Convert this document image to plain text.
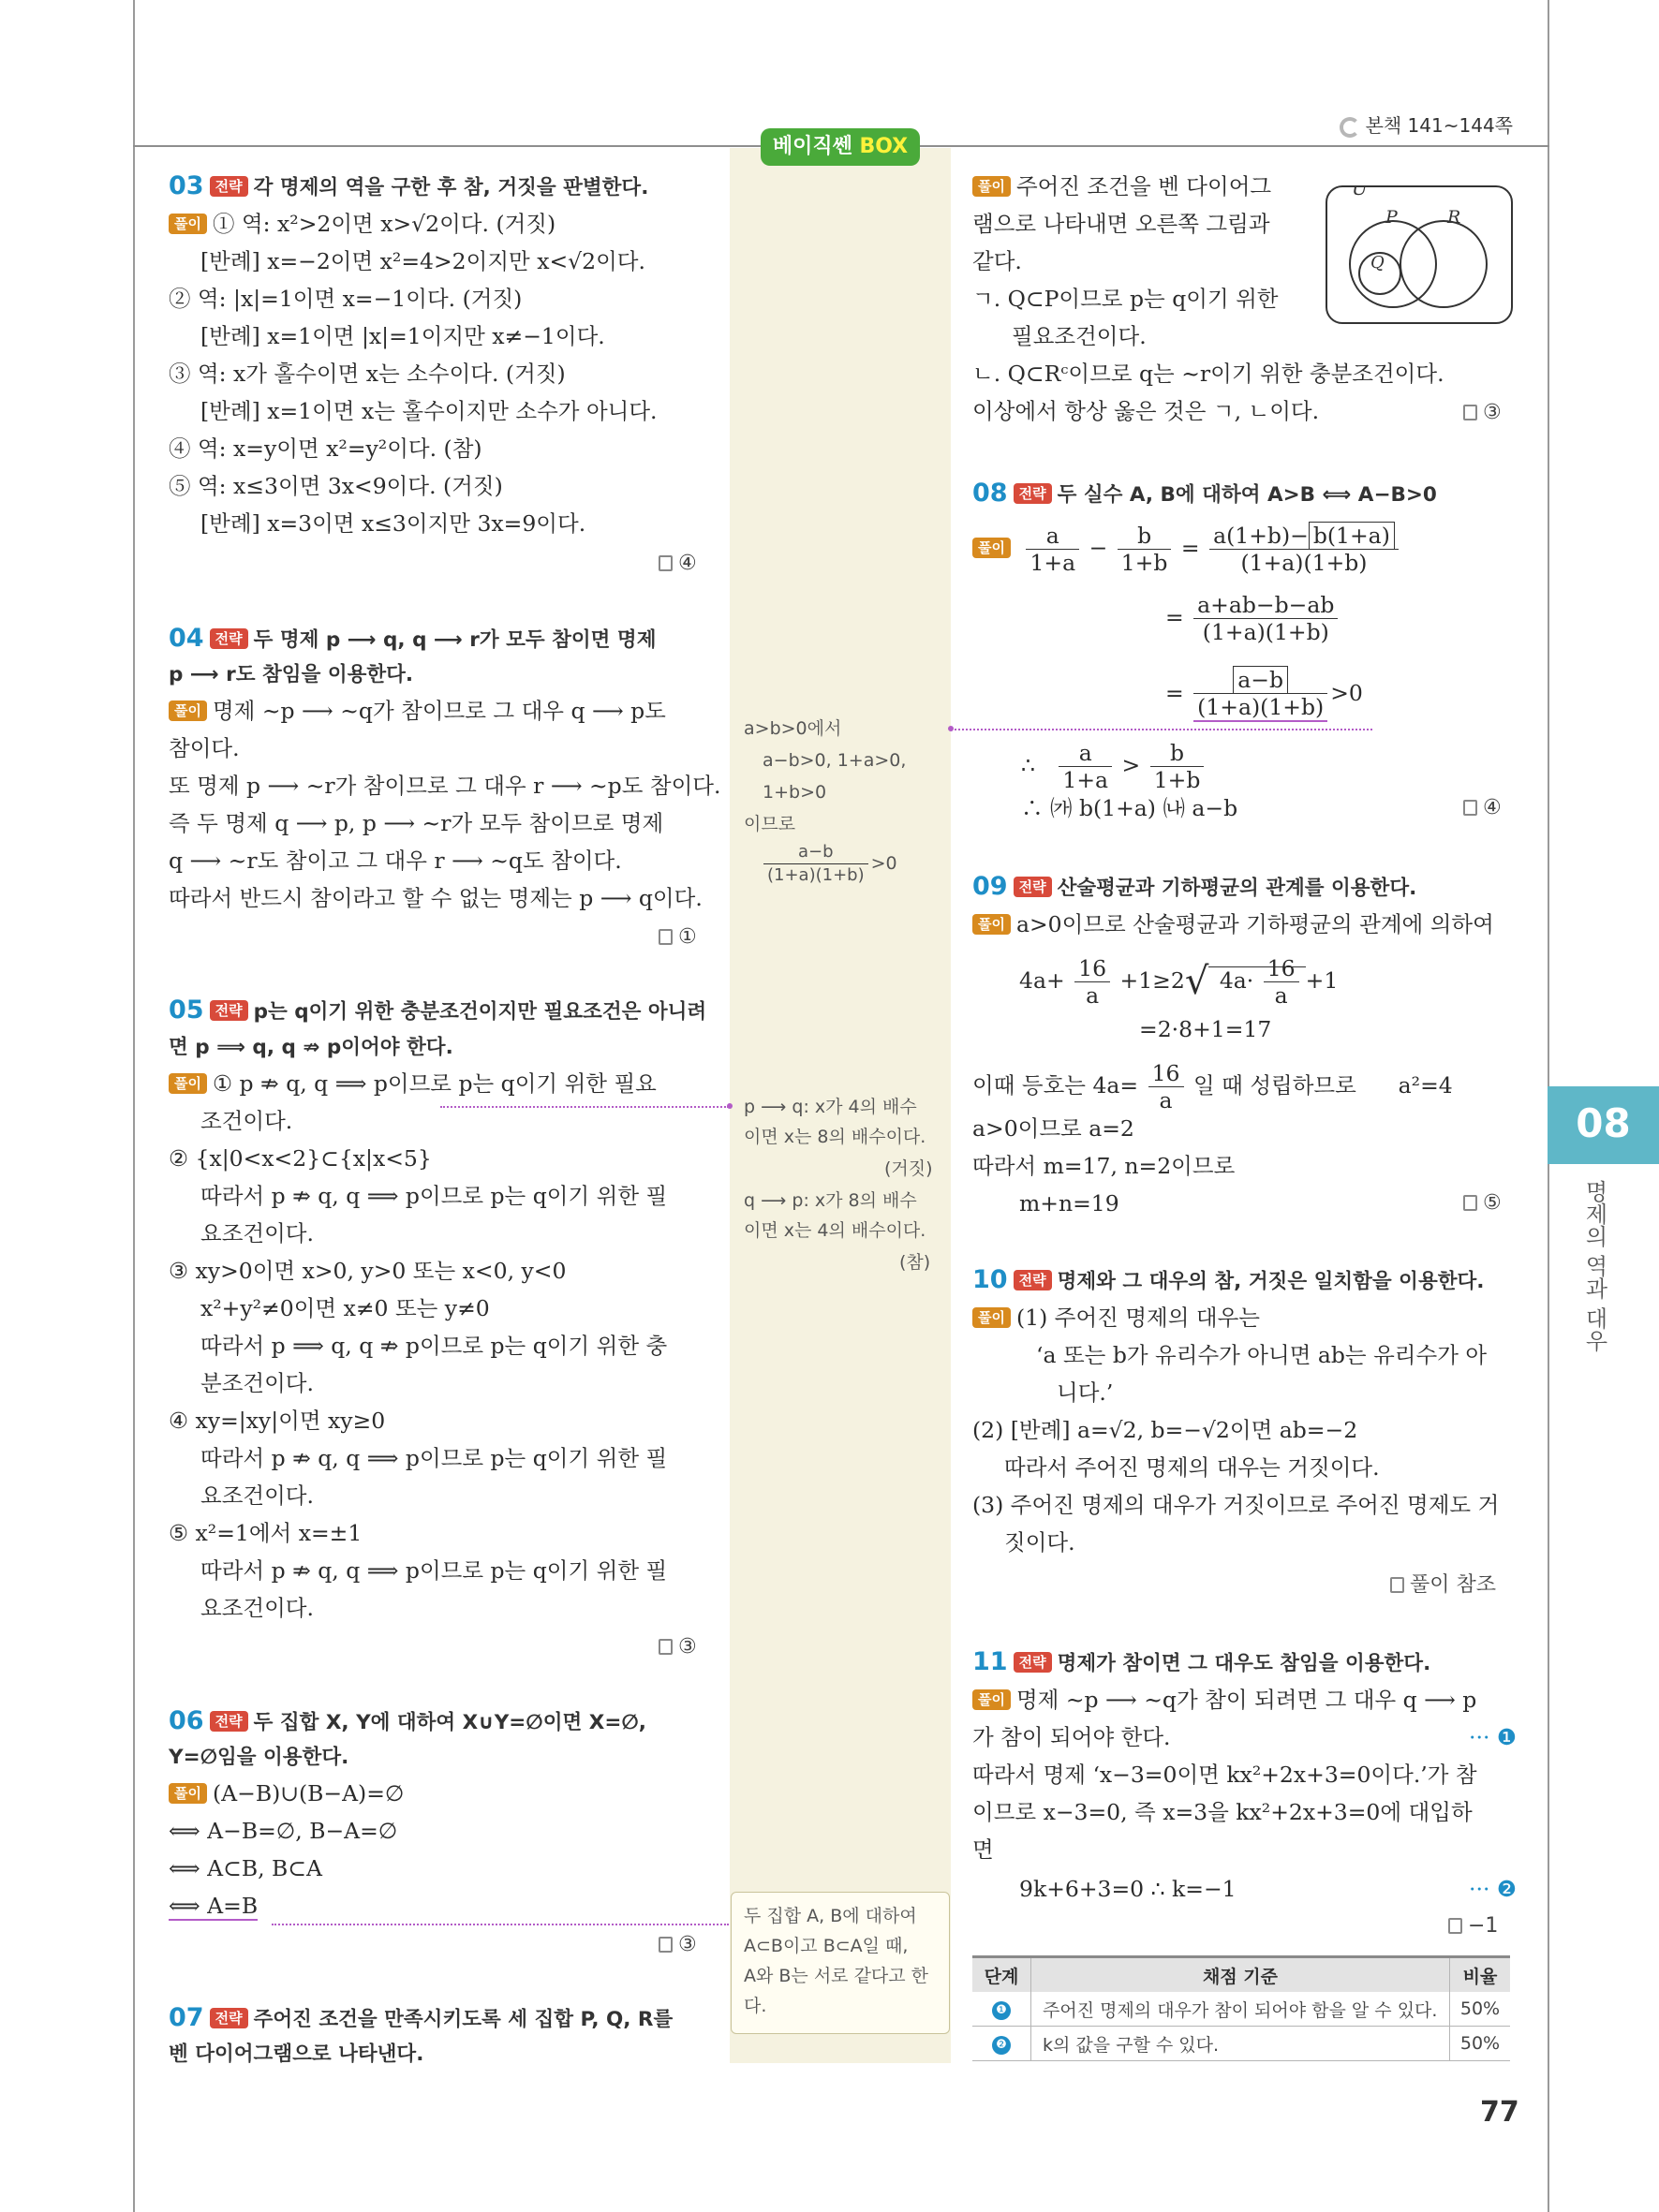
베이직쎈 BOX
본책 141~144쪽
03 전략 각 명제의 역을 구한 후 참, 거짓을 판별한다.
풀이 ① 역: x²>2이면 x>√2이다. (거짓)
[반례] x=−2이면 x²=4>2이지만 x<√2이다.
② 역: |x|=1이면 x=−1이다. (거짓)
[반례] x=1이면 |x|=1이지만 x≠−1이다.
③ 역: x가 홀수이면 x는 소수이다. (거짓)
[반례] x=1이면 x는 홀수이지만 소수가 아니다.
④ 역: x=y이면 x²=y²이다. (참)
⑤ 역: x≤3이면 3x<9이다. (거짓)
[반례] x=3이면 x≤3이지만 3x=9이다.
④
04 전략 두 명제 p ⟶ q, q ⟶ r가 모두 참이면 명제
p ⟶ r도 참임을 이용한다.
풀이 명제 ~p ⟶ ~q가 참이므로 그 대우 q ⟶ p도
참이다.
또 명제 p ⟶ ~r가 참이므로 그 대우 r ⟶ ~p도 참이다.
즉 두 명제 q ⟶ p, p ⟶ ~r가 모두 참이므로 명제
q ⟶ ~r도 참이고 그 대우 r ⟶ ~q도 참이다.
따라서 반드시 참이라고 할 수 없는 명제는 p ⟶ q이다.
①
05 전략 p는 q이기 위한 충분조건이지만 필요조건은 아니려
면 p ⟹ q, q ⇏ p이어야 한다.
풀이 ① p ⇏ q, q ⟹ p이므로 p는 q이기 위한 필요
조건이다.
② {x|0<x<2}⊂{x|x<5}
따라서 p ⇏ q, q ⟹ p이므로 p는 q이기 위한 필
요조건이다.
③ xy>0이면 x>0, y>0 또는 x<0, y<0
x²+y²≠0이면 x≠0 또는 y≠0
따라서 p ⟹ q, q ⇏ p이므로 p는 q이기 위한 충
분조건이다.
④ xy=|xy|이면 xy≥0
따라서 p ⇏ q, q ⟹ p이므로 p는 q이기 위한 필
요조건이다.
⑤ x²=1에서 x=±1
따라서 p ⇏ q, q ⟹ p이므로 p는 q이기 위한 필
요조건이다.
③
06 전략 두 집합 X, Y에 대하여 X∪Y=∅이면 X=∅,
Y=∅임을 이용한다.
풀이 (A−B)∪(B−A)=∅
⟺ A−B=∅, B−A=∅
⟺ A⊂B, B⊂A
⟺ A=B
③
07 전략 주어진 조건을 만족시키도록 세 집합 P, Q, R를
벤 다이어그램으로 나타낸다.
풀이 주어진 조건을 벤 다이어그
램으로 나타내면 오른쪽 그림과
같다.
ㄱ. Q⊂P이므로 p는 q이기 위한
필요조건이다.
ㄴ. Q⊂Rᶜ이므로 q는 ~r이기 위한 충분조건이다.
이상에서 항상 옳은 것은 ㄱ, ㄴ이다.	③
U
P	R
Q
08 전략 두 실수 A, B에 대하여 A>B ⟺ A−B>0
풀이 $\frac{a}{1+a} - \frac{b}{1+b} = \frac{a(1+b)- b(1+a)}{(1+a)(1+b)}$
= $\frac{a+ab-b-ab}{(1+a)(1+b)}$
= $\frac{a-b}{(1+a)(1+b)} >0$
∴ $\frac{a}{1+a} > \frac{b}{1+b}$
∴ ㈎ b(1+a) ㈏ a−b	④
09 전략 산술평균과 기하평균의 관계를 이용한다.
풀이 a>0이므로 산술평균과 기하평균의 관계에 의하여
$4a+ \frac{16}{a} +1\ge 2√$ $4a\cdot \frac{16}{a} +1$
=2·8+1=17
이때 등호는 $4a= \frac{16}{a}$ 일 때 성립하므로 a²=4
a>0이므로 a=2
따라서 m=17, n=2이므로
m+n=19	⑤
10 전략 명제와 그 대우의 참, 거짓은 일치함을 이용한다.
풀이 (1) 주어진 명제의 대우는
‘a 또는 b가 유리수가 아니면 ab는 유리수가 아
니다.’
(2) [반례] a=√2, b=−√2이면 ab=−2
따라서 주어진 명제의 대우는 거짓이다.
(3) 주어진 명제의 대우가 거짓이므로 주어진 명제도 거
짓이다.
풀이 참조
11 전략 명제가 참이면 그 대우도 참임을 이용한다.
풀이 명제 ~p ⟶ ~q가 참이 되려면 그 대우 q ⟶ p
가 참이 되어야 한다.	··· ❶
따라서 명제 ‘x−3=0이면 kx²+2x+3=0이다.’가 참
이므로 x−3=0, 즉 x=3을 kx²+2x+3=0에 대입하
면
9k+6+3=0 ∴ k=−1	··· ❷
−1
단계	채점 기준	비율
❶	주어진 명제의 대우가 참이 되어야 함을 알 수 있다.	50%
❷	k의 값을 구할 수 있다.	50%
a>b>0에서
a−b>0, 1+a>0,
1+b>0
이므로
$\frac{a-b}{(1+a)(1+b)} >0$
p ⟶ q: x가 4의 배수
이면 x는 8의 배수이다.
(거짓)
q ⟶ p: x가 8의 배수
이면 x는 4의 배수이다.
(참)
두 집합 A, B에 대하여
A⊂B이고 B⊂A일 때,
A와 B는 서로 같다고 한
다.
08
명제의 역과 대우
77
